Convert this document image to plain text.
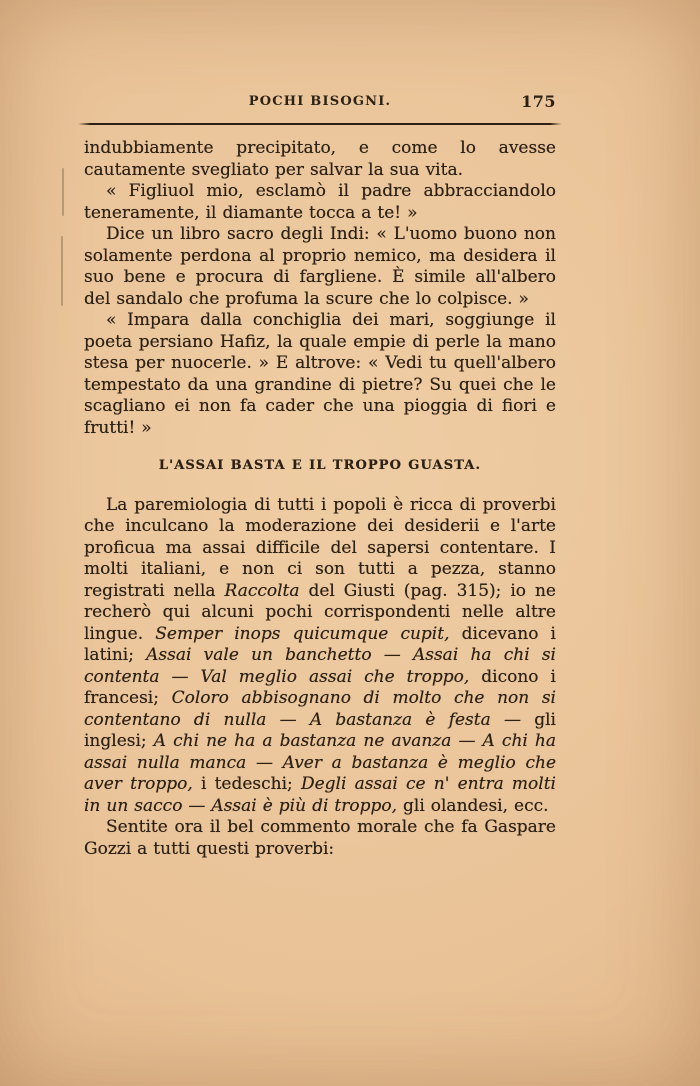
POCHI BISOGNI.	175

indubbiamente precipitato, e come lo avesse cautamente svegliato per salvar la sua vita.

« Figliuol mio, esclamò il padre abbracciandolo teneramente, il diamante tocca a te! »

Dice un libro sacro degli Indi: « L'uomo buono non solamente perdona al proprio nemico, ma desidera il suo bene e procura di fargliene. È simile all'albero del sandalo che profuma la scure che lo colpisce. »

« Impara dalla conchiglia dei mari, soggiunge il poeta persiano Hafiz, la quale empie di perle la mano stesa per nuocerle. » E altrove: « Vedi tu quell'albero tempestato da una grandine di pietre? Su quei che le scagliano ei non fa cader che una pioggia di fiori e frutti! »

L'ASSAI BASTA E IL TROPPO GUASTA.

La paremiologia di tutti i popoli è ricca di proverbi che inculcano la moderazione dei desiderii e l'arte proficua ma assai difficile del sapersi contentare. I molti italiani, e non ci son tutti a pezza, stanno registrati nella Raccolta del Giusti (pag. 315); io ne recherò qui alcuni pochi corrispondenti nelle altre lingue. Semper inops quicumque cupit, dicevano i latini; Assai vale un banchetto — Assai ha chi si contenta — Val meglio assai che troppo, dicono i francesi; Coloro abbisognano di molto che non si contentano di nulla — A bastanza è festa — gli inglesi; A chi ne ha a bastanza ne avanza — A chi ha assai nulla manca — Aver a bastanza è meglio che aver troppo, i tedeschi; Degli assai ce n' entra molti in un sacco — Assai è più di troppo, gli olandesi, ecc.

Sentite ora il bel commento morale che fa Gaspare Gozzi a tutti questi proverbi:
